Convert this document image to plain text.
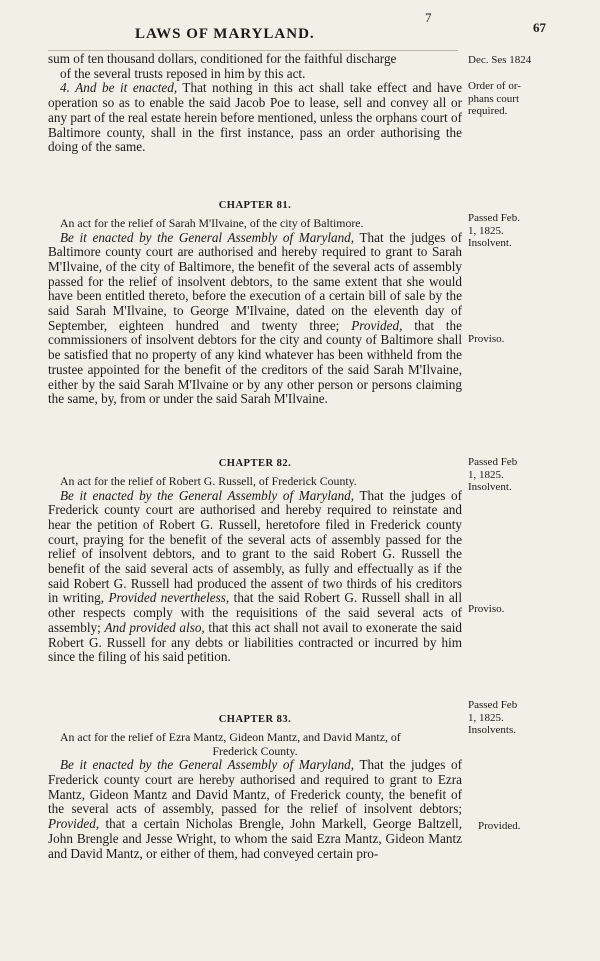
7
LAWS OF MARYLAND.	67

sum of ten thousand dollars, conditioned for the faithful discharge

of the several trusts reposed in him by this act.

4. And be it enacted, That nothing in this act shall take effect and have operation so as to enable the said Jacob Poe to lease, sell and convey all or any part of the real estate herein before mentioned, unless the orphans court of Baltimore county, shall in the first instance, pass an order authorising the doing of the same.

CHAPTER 81.

An act for the relief of Sarah M'Ilvaine, of the city of Baltimore.

Be it enacted by the General Assembly of Maryland, That the judges of Baltimore county court are authorised and hereby required to grant to Sarah M'Ilvaine, of the city of Baltimore, the benefit of the several acts of assembly passed for the relief of insolvent debtors, to the same extent that she would have been entitled thereto, before the execution of a certain bill of sale by the said Sarah M'Ilvaine, to George M'Ilvaine, dated on the eleventh day of September, eighteen hundred and twenty three; Provided, that the commissioners of insolvent debtors for the city and county of Baltimore shall be satisfied that no property of any kind whatever has been withheld from the trustee appointed for the benefit of the creditors of the said Sarah M'Ilvaine, either by the said Sarah M'Ilvaine or by any other person or persons claiming the same, by, from or under the said Sarah M'Ilvaine.

CHAPTER 82.

An act for the relief of Robert G. Russell, of Frederick County.

Be it enacted by the General Assembly of Maryland, That the judges of Frederick county court are authorised and hereby required to reinstate and hear the petition of Robert G. Russell, heretofore filed in Frederick county court, praying for the benefit of the several acts of assembly passed for the relief of insolvent debtors, and to grant to the said Robert G. Russell the benefit of the said several acts of assembly, as fully and effectually as if the said Robert G. Russell had produced the assent of two thirds of his creditors in writing, Provided nevertheless, that the said Robert G. Russell shall in all other respects comply with the requisitions of the said several acts of assembly; And provided also, that this act shall not avail to exonerate the said Robert G. Russell for any debts or liabilities contracted or incurred by him since the filing of his said petition.

CHAPTER 83.

An act for the relief of Ezra Mantz, Gideon Mantz, and David Mantz, of
Frederick County.

Be it enacted by the General Assembly of Maryland, That the judges of Frederick county court are hereby authorised and required to grant to Ezra Mantz, Gideon Mantz and David Mantz, of Frederick county, the benefit of the several acts of assembly, passed for the relief of insolvent debtors; Provided, that a certain Nicholas Brengle, John Markell, George Baltzell, John Brengle and Jesse Wright, to whom the said Ezra Mantz, Gideon Mantz and David Mantz, or either of them, had conveyed certain pro-

Dec. Ses 1824
Order of or-
phans court
required.
Passed Feb.
1, 1825.
Insolvent.
Proviso.
Passed Feb
1, 1825.
Insolvent.
Proviso.
Passed Feb
1, 1825.
Insolvents.
Provided.
